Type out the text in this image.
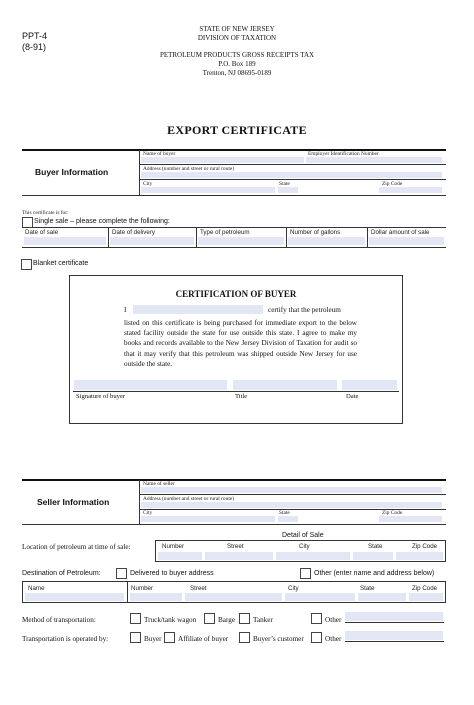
PPT-4
(8-91)
STATE OF NEW JERSEY
DIVISION OF TAXATION
PETROLEUM PRODUCTS GROSS RECEIPTS TAX
P.O. Box 189
Trenton, NJ 08695-0189
EXPORT CERTIFICATE
Buyer Information
Name of buyer	Employer Identification Number
Address (number and street or rural route)
City	State	Zip Code
This certificate is for:
Single sale – please complete the following:
Date of sale	Date of delivery	Type of petroleum	Number of gallons	Dollar amount of sale
Blanket certificate
CERTIFICATION OF BUYER
I	certify that the petroleum
listed on this certificate is being purchased for immediate export to the below stated facility outside the state for use outside this state. I agree to make my books and records available to the New Jersey Division of Taxation for audit so that it may verify that this petroleum was shipped outside New Jersey for use outside the state.
Signature of buyer	Title	Date
Seller Information
Name of seller
Address (number and street or rural route)
City	State	Zip Code
Detail of Sale
Location of petroleum at time of sale:	Number	Street	City	State	Zip Code
Destination of Petroleum:	Delivered to buyer address	Other (enter name and address below)
Name	Number	Street	City	State	Zip Code
Method of transportation:	Truck/tank wagon	Barge Tanker	Other
Transportation is operated by:	Buyer Affiliate of buyer	Buyer’s customer	Other
